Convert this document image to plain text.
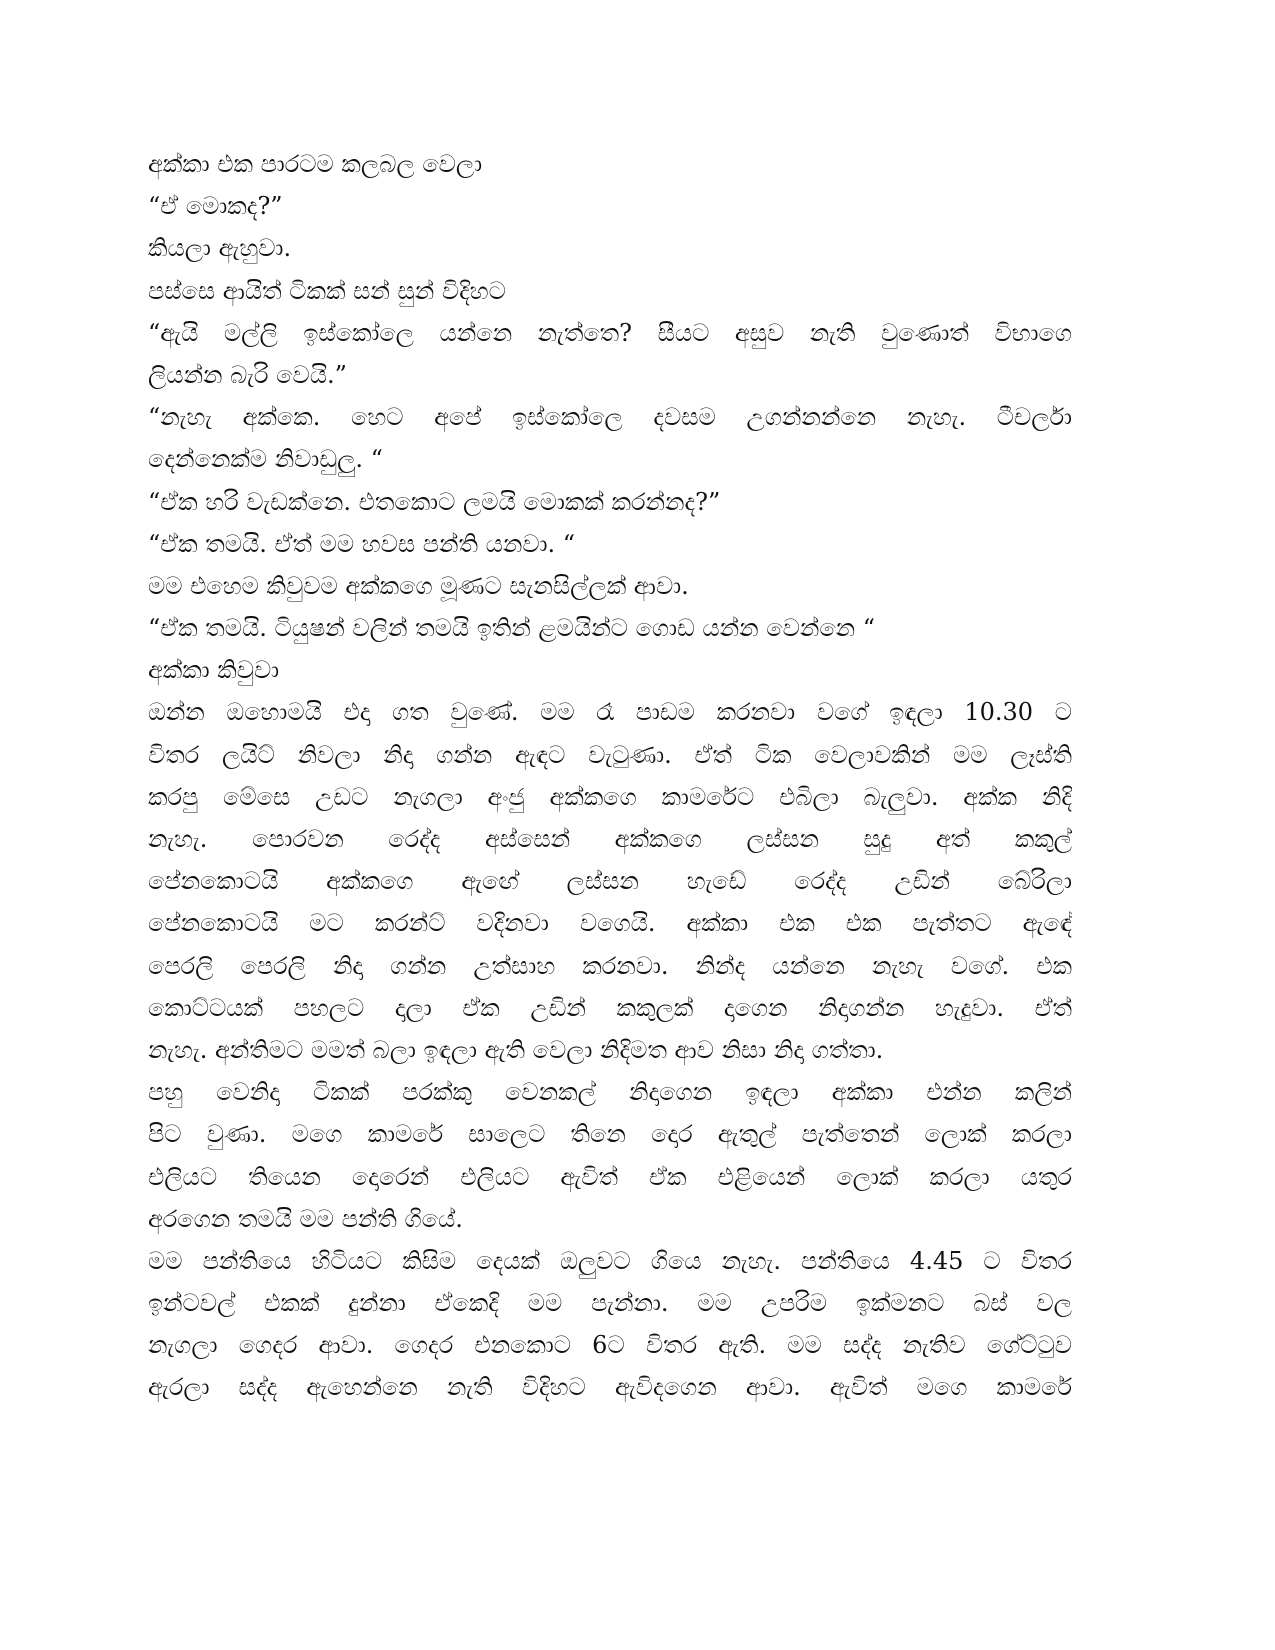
අක්කා එක පාරටම කලබල වෙලා
“ඒ මොකද?”
කියලා ඇහුවා.
පස්සෙ ආයිත් ටිකක් සන් සුන් විදිහට
“ඇයි මල්ලි ඉස්කෝලෙ යන්නෙ නැත්තෙ? සීයට අසුව නැති වුණොත් විභාගෙ
ලියන්න බැරි වෙයි.”
“නැහැ අක්කෙ. හෙට අපේ ඉස්කෝලෙ දවසම උගන්නන්නෙ නැහැ. ටීචර්ලා
දෙන්නෙක්ම නිවාඩුලු. “
“ඒක හරි වැඩක්නෙ. එතකොට ලමයි මොකක් කරන්නද?”
“ඒක තමයි. ඒත් මම හවස පන්ති යනවා. “
මම එහෙම කිවුවම අක්කගෙ මූණට සැනසිල්ලක් ආවා.
“ඒක තමයි. ටියුෂන් වලින් තමයි ඉතින් ළමයින්ට ගොඩ යන්න වෙන්නෙ “
අක්කා කිවුවා
ඔන්න ඔහොමයි එදා ගත වුණේ. මම රෑ පාඩම කරනවා වගේ ඉඳලා 10.30 ට
විතර ලයිට් නිවලා නිදා ගන්න ඇඳට වැටුණා. ඒත් ටික වෙලාවකින් මම ලෑස්ති
කරපු මේසෙ උඩට නැගලා අංජු අක්කගෙ කාමරේට එබිලා බැලුවා. අක්ක නිදි
නැහැ. පොරවන රෙද්ද අස්සෙන් අක්කගෙ ලස්සන සුදු අත් කකුල්
පේනකොටයි අක්කගෙ ඇඟේ ලස්සන හැඩේ රෙද්ද උඩින් බේරිලා
පේනකොටයි මට කරන්ට් වදිනවා වගෙයි. අක්කා එක එක පැත්තට ඇඳේ
පෙරලි පෙරලි නිදා ගන්න උත්සාහ කරනවා. නින්ද යන්නෙ නැහැ වගේ. එක
කොට්ටයක් පහලට දාලා ඒක උඩින් කකුලක් දාගෙන නිදාගන්න හැදුවා. ඒත්
නැහැ. අන්තිමට මමත් බලා ඉඳලා ඇති වෙලා නිදිමත ආව නිසා නිදා ගත්තා.
පහු වෙනිදා ටිකක් පරක්කු වෙනකල් නිදාගෙන ඉඳලා අක්කා එන්න කලින්
පිට වුණා. මගෙ කාමරේ සාලෙට තිනෙ දොර ඇතුල් පැත්තෙන් ලොක් කරලා
එලියට තියෙන දොරෙන් එලියට ඇවිත් ඒක එළියෙන් ලොක් කරලා යතුර
අරගෙන තමයි මම පන්ති ගියේ.
මම පන්තියෙ හිටියට කිසිම දෙයක් ඔලුවට ගියෙ නැහැ. පන්තියෙ 4.45 ට විතර
ඉන්ටවල් එකක් දුන්නා ඒකෙදි මම පැන්නා. මම උපරිම ඉක්මනට බස් වල
නැගලා ගෙදර ආවා. ගෙදර එනකොට 6ට විතර ඇති. මම සද්ද නැතිව ගේට්ටුව
ඇරලා සද්ද ඇහෙන්නෙ නැති විදිහට ඇවිදගෙන ආවා. ඇවිත් මගෙ කාමරේ
